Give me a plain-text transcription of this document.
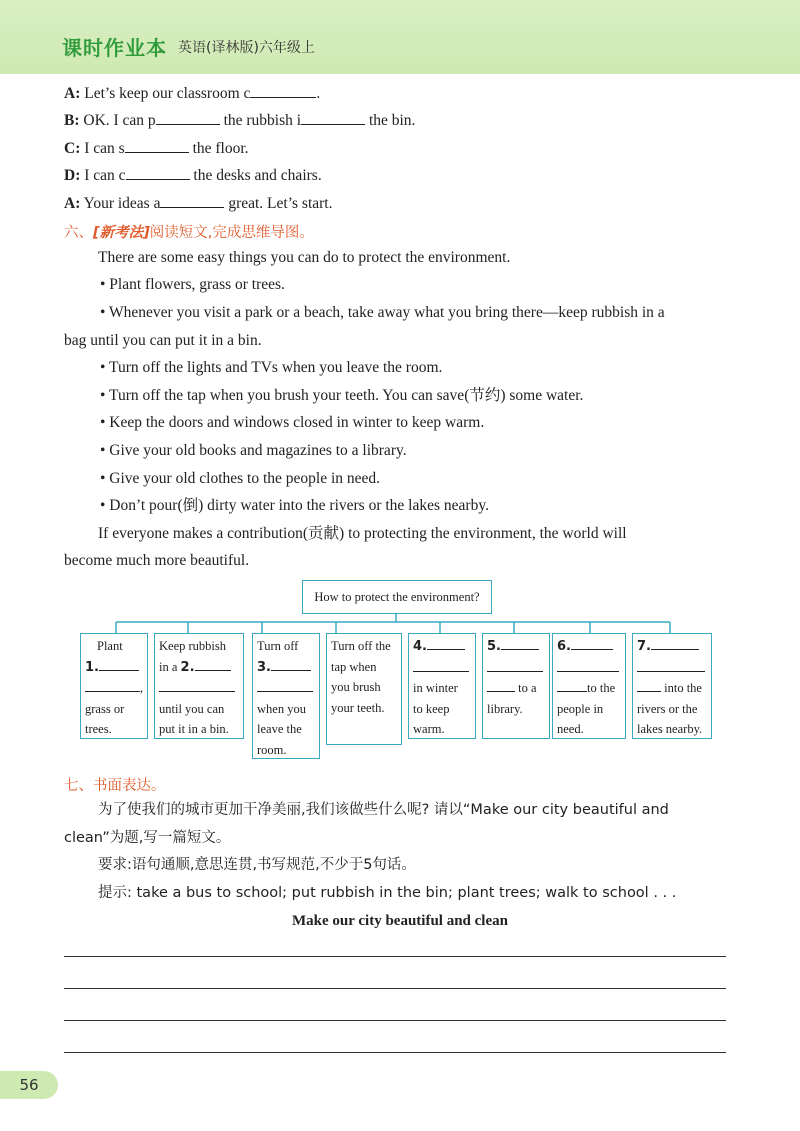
课时作业本 英语(译林版)六年级上
A: Let’s keep our classroom c	.
B: OK. I can p	the rubbish i	the bin.
C: I can s	the floor.
D: I can c	the desks and chairs.
A: Your ideas a	great. Let’s start.
六、[新考法]阅读短文,完成思维导图。
There are some easy things you can do to protect the environment.
• Plant flowers, grass or trees.
• Whenever you visit a park or a beach, take away what you bring there—keep rubbish in a
bag until you can put it in a bin.
• Turn off the lights and TVs when you leave the room.
• Turn off the tap when you brush your teeth. You can save(节约) some water.
• Keep the doors and windows closed in winter to keep warm.
• Give your old books and magazines to a library.
• Give your old clothes to the people in need.
• Don’t pour(倒) dirty water into the rivers or the lakes nearby.
If everyone makes a contribution(贡献) to protecting the environment, the world will
become much more beautiful.
How to protect the environment?
Plant
1.
,
grass or
trees.
Keep rubbish
in a 2.
until you can
put it in a bin.
Turn off
3.
when you
leave the
room.
Turn off the
tap when
you brush
your teeth.
4.
in winter
to keep
warm.
5.
to a
library.
6.
to the
people in
need.
7.
into the
rivers or the
lakes nearby.
七、书面表达。
为了使我们的城市更加干净美丽,我们该做些什么呢? 请以“Make our city beautiful and
clean”为题,写一篇短文。
要求:语句通顺,意思连贯,书写规范,不少于5句话。
提示: take a bus to school; put rubbish in the bin; plant trees; walk to school . . .
Make our city beautiful and clean
56
